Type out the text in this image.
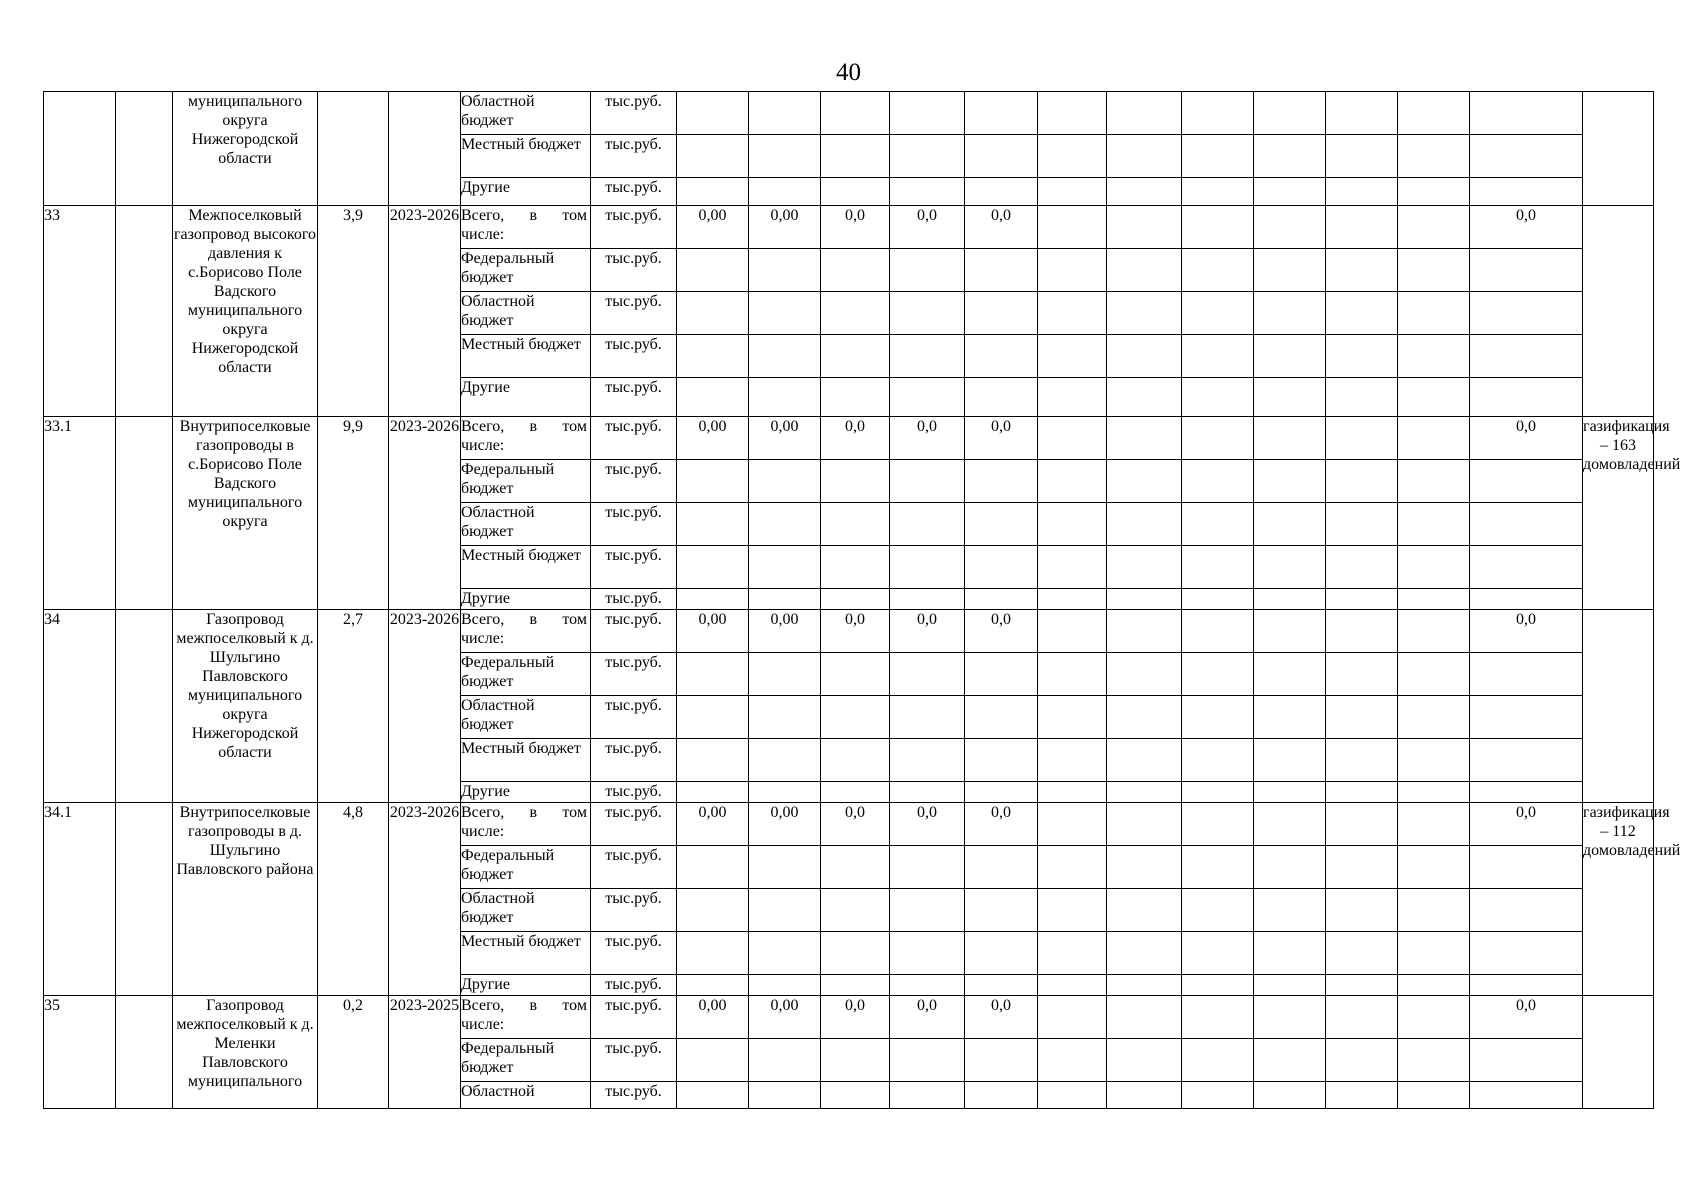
40
		муниципального округа Нижегородской области			Областной бюджет	тыс.руб.													

					Местный бюджет	тыс.руб.													

					Другие	тыс.руб.													
33		Межпоселковый газопровод высокого давления к с.Борисово Поле Вадского муниципального округа Нижегородской области	3,9	2023-2026	Всего, в том числе:	тыс.руб.	0,00	0,00	0,0	0,0	0,0							0,0	

					Федеральный бюджет	тыс.руб.													

					Областной бюджет	тыс.руб.													

					Местный бюджет	тыс.руб.													

					Другие	тыс.руб.													
33.1		Внутрипоселковые газопроводы в с.Борисово Поле Вадского муниципального округа	9,9	2023-2026	Всего, в том числе:	тыс.руб.	0,00	0,00	0,0	0,0	0,0							0,0	газификация – 163 домовладений

					Федеральный бюджет	тыс.руб.													

					Областной бюджет	тыс.руб.													

					Местный бюджет	тыс.руб.													

					Другие	тыс.руб.													
34		Газопровод межпоселковый к д. Шульгино Павловского муниципального округа Нижегородской области	2,7	2023-2026	Всего, в том числе:	тыс.руб.	0,00	0,00	0,0	0,0	0,0							0,0	

					Федеральный бюджет	тыс.руб.													

					Областной бюджет	тыс.руб.													

					Местный бюджет	тыс.руб.													

					Другие	тыс.руб.													
34.1		Внутрипоселковые газопроводы в д. Шульгино Павловского района	4,8	2023-2026	Всего, в том числе:	тыс.руб.	0,00	0,00	0,0	0,0	0,0							0,0	газификация – 112 домовладений

					Федеральный бюджет	тыс.руб.													

					Областной бюджет	тыс.руб.													

					Местный бюджет	тыс.руб.													

					Другие	тыс.руб.													
35		Газопровод межпоселковый к д. Меленки Павловского муниципального	0,2	2023-2025	Всего, в том числе:	тыс.руб.	0,00	0,00	0,0	0,0	0,0							0,0	

					Федеральный бюджет	тыс.руб.													

					Областной	тыс.руб.													
